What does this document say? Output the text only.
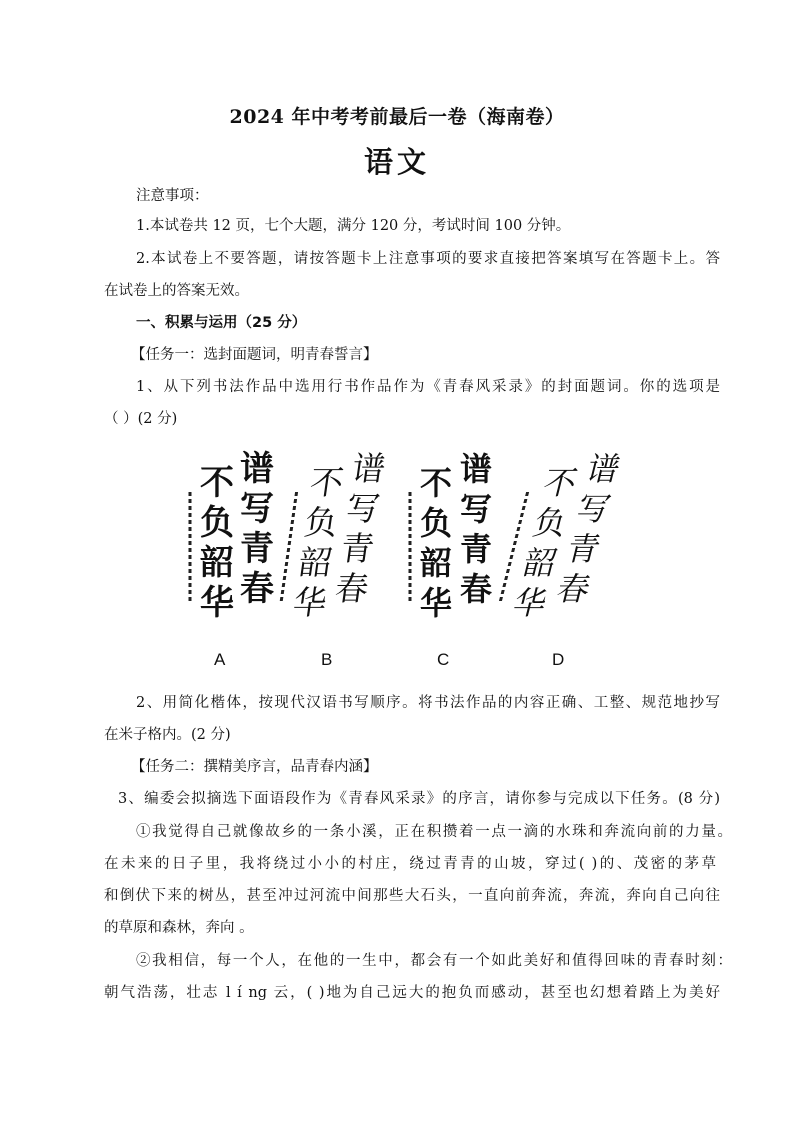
2024 年中考考前最后一卷（海南卷）
语文
注意事项：
1.本试卷共 12 页，七个大题，满分 120 分，考试时间 100 分钟。
2.本试卷上不要答题，请按答题卡上注意事项的要求直接把答案填写在答题卡上。答
在试卷上的答案无效。
一、积累与运用（25 分）
【任务一：选封面题词，明青春誓言】
1、从下列书法作品中选用行书作品作为《青春风采录》的封面题词。你的选项是
（ ）(2 分)
不
负
韶
华
谱
写
青
春
不
负
韶
华
谱
写
青
春
不
负
韶
华
谱
写
青
春
不
负
韶
华
谱
写
青
春
A	B	C	D
2、用简化楷体，按现代汉语书写顺序。将书法作品的内容正确、工整、规范地抄写
在米子格内。(2 分)
【任务二：撰精美序言，品青春内涵】
3、编委会拟摘选下面语段作为《青春风采录》的序言，请你参与完成以下任务。(8 分)
①我觉得自己就像故乡的一条小溪，正在积攒着一点一滴的水珠和奔流向前的力量。
在未来的日子里，我将绕过小小的村庄，绕过青青的山坡，穿过( )的、茂密的茅草
和倒伏下来的树丛，甚至冲过河流中间那些大石头，一直向前奔流，奔流，奔向自己向往
的草原和森林，奔向 。
②我相信，每一个人，在他的一生中，都会有一个如此美好和值得回味的青春时刻：
朝气浩荡，壮志 l í ng 云，( )地为自己远大的抱负而感动，甚至也幻想着踏上为美好
